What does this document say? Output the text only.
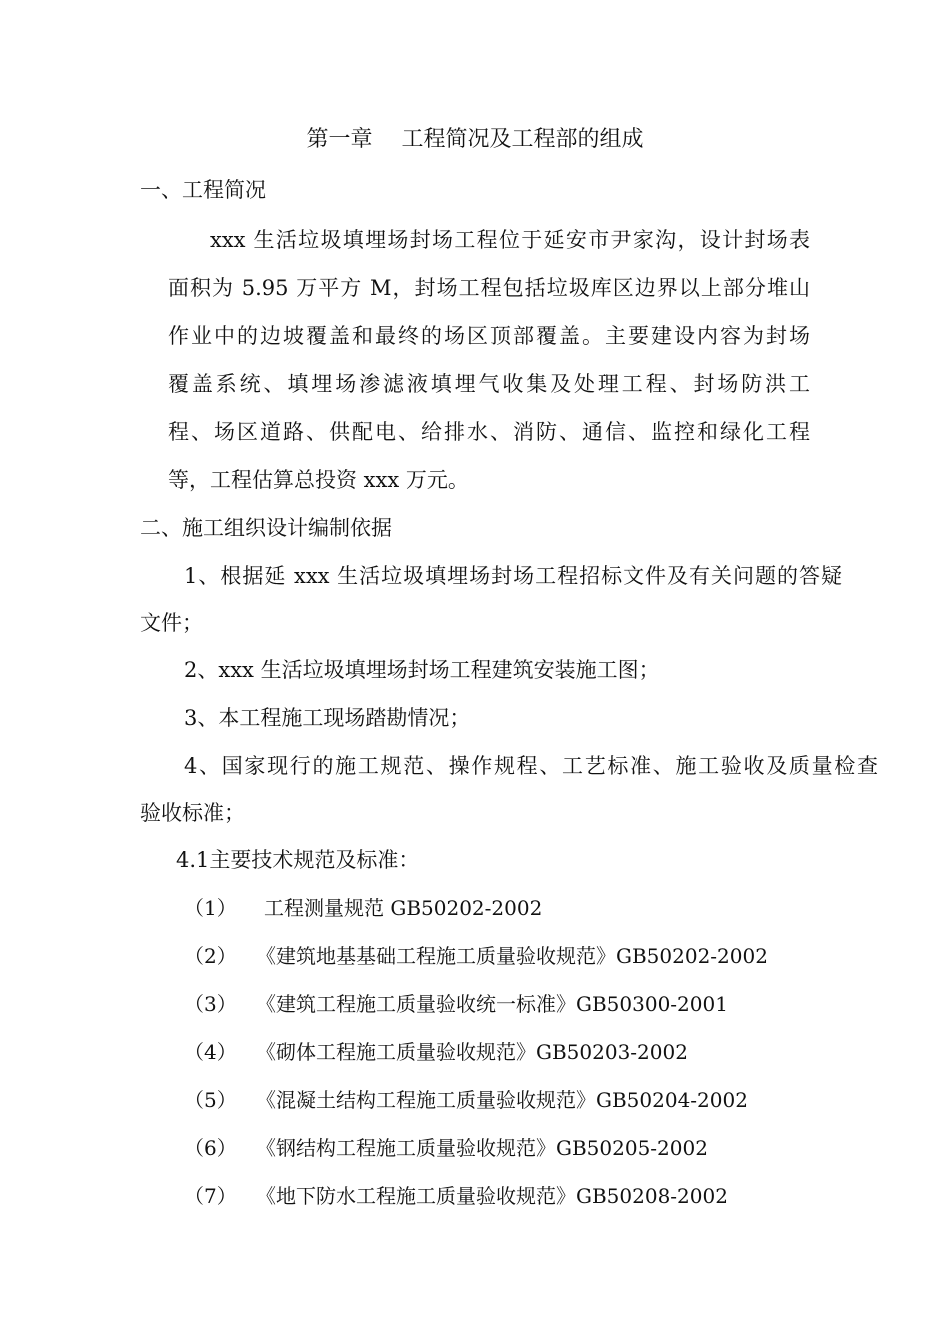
第一章　 工程简况及工程部的组成
一、工程简况
xxx 生活垃圾填埋场封场工程位于延安市尹家沟，设计封场表
面积为 5.95 万平方 M，封场工程包括垃圾库区边界以上部分堆山
作业中的边坡覆盖和最终的场区顶部覆盖。主要建设内容为封场
覆盖系统、填埋场渗滤液填埋气收集及处理工程、封场防洪工
程、场区道路、供配电、给排水、消防、通信、监控和绿化工程
等，工程估算总投资 xxx 万元。
二、施工组织设计编制依据
1、根据延 xxx 生活垃圾填埋场封场工程招标文件及有关问题的答疑
文件；
2、xxx 生活垃圾填埋场封场工程建筑安装施工图；
3、本工程施工现场踏勘情况；
4、国家现行的施工规范、操作规程、工艺标准、施工验收及质量检查
验收标准；
4.1主要技术规范及标准：
（1） 工程测量规范 GB50202-2002
（2） 《建筑地基基础工程施工质量验收规范》GB50202-2002
（3） 《建筑工程施工质量验收统一标准》GB50300-2001
（4） 《砌体工程施工质量验收规范》GB50203-2002
（5） 《混凝土结构工程施工质量验收规范》GB50204-2002
（6） 《钢结构工程施工质量验收规范》GB50205-2002
（7） 《地下防水工程施工质量验收规范》GB50208-2002
